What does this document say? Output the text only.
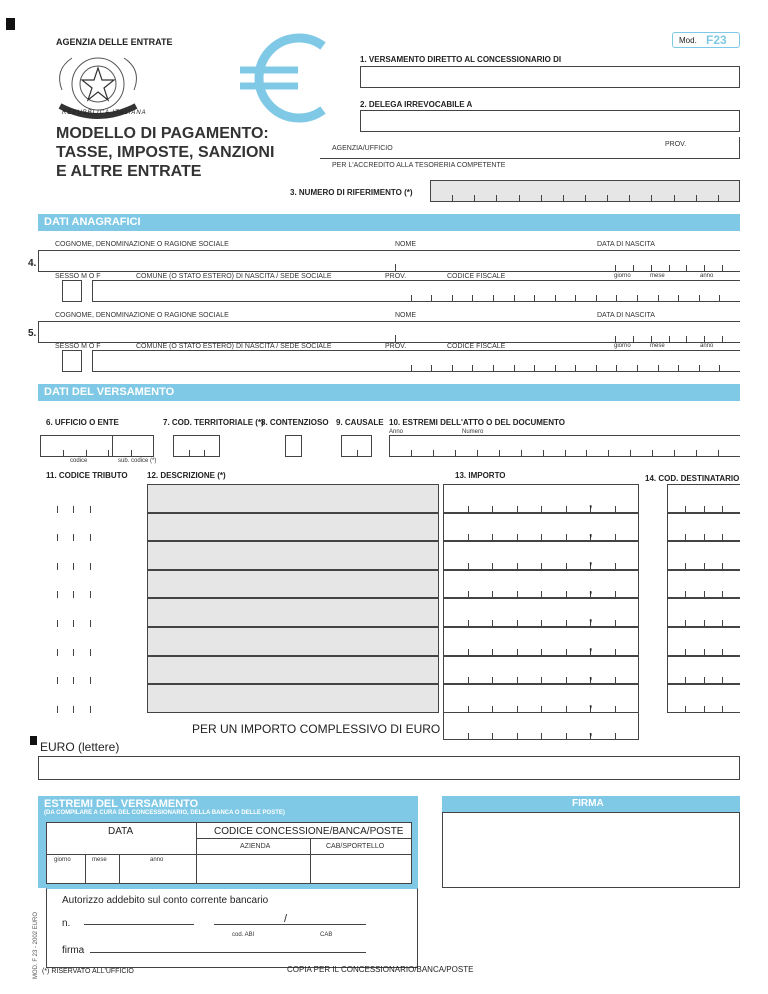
AGENZIA DELLE ENTRATE
REPUBBLICA ITALIANA
MODELLO DI PAGAMENTO:
TASSE, IMPOSTE, SANZIONI
E ALTRE ENTRATE
Mod. F23
1. VERSAMENTO DIRETTO AL CONCESSIONARIO DI
2. DELEGA IRREVOCABILE A
AGENZIA/UFFICIO
PROV.
PER L'ACCREDITO ALLA TESORERIA COMPETENTE
3. NUMERO DI RIFERIMENTO (*)
DATI ANAGRAFICI
COGNOME, DENOMINAZIONE O RAGIONE SOCIALE	NOME	DATA DI NASCITA
4.
SESSO M O F	COMUNE (O STATO ESTERO) DI NASCITA / SEDE SOCIALE	PROV.	CODICE FISCALE	giorno	mese	anno
COGNOME, DENOMINAZIONE O RAGIONE SOCIALE	NOME	DATA DI NASCITA
5.
SESSO M O F	COMUNE (O STATO ESTERO) DI NASCITA / SEDE SOCIALE	PROV.	CODICE FISCALE	giorno	mese	anno
DATI DEL VERSAMENTO
6. UFFICIO O ENTE	7. COD. TERRITORIALE (*)
8. CONTENZIOSO 9. CAUSALE 10. ESTREMI DELL'ATTO O DEL DOCUMENTO
Anno	Numero
codice	sub. codice (*)
11. CODICE TRIBUTO 12. DESCRIZIONE (*)	13. IMPORTO	14. COD. DESTINATARIO
,
,
,
,
,
,
,
,
PER UN IMPORTO COMPLESSIVO DI EURO	,
EURO (lettere)
ESTREMI DEL VERSAMENTO
(DA COMPILARE A CURA DEL CONCESSIONARIO, DELLA BANCA O DELLE POSTE)
DATA	CODICE CONCESSIONE/BANCA/POSTE
AZIENDA	CAB/SPORTELLO
giorno	mese	anno
FIRMA
Autorizzo addebito sul conto corrente bancario
n.	/
cod. ABI	CAB
firma
MOD. F 23 - 2002 EURO (*) RISERVATO ALL'UFFICIO	COPIA PER IL CONCESSIONARIO/BANCA/POSTE
